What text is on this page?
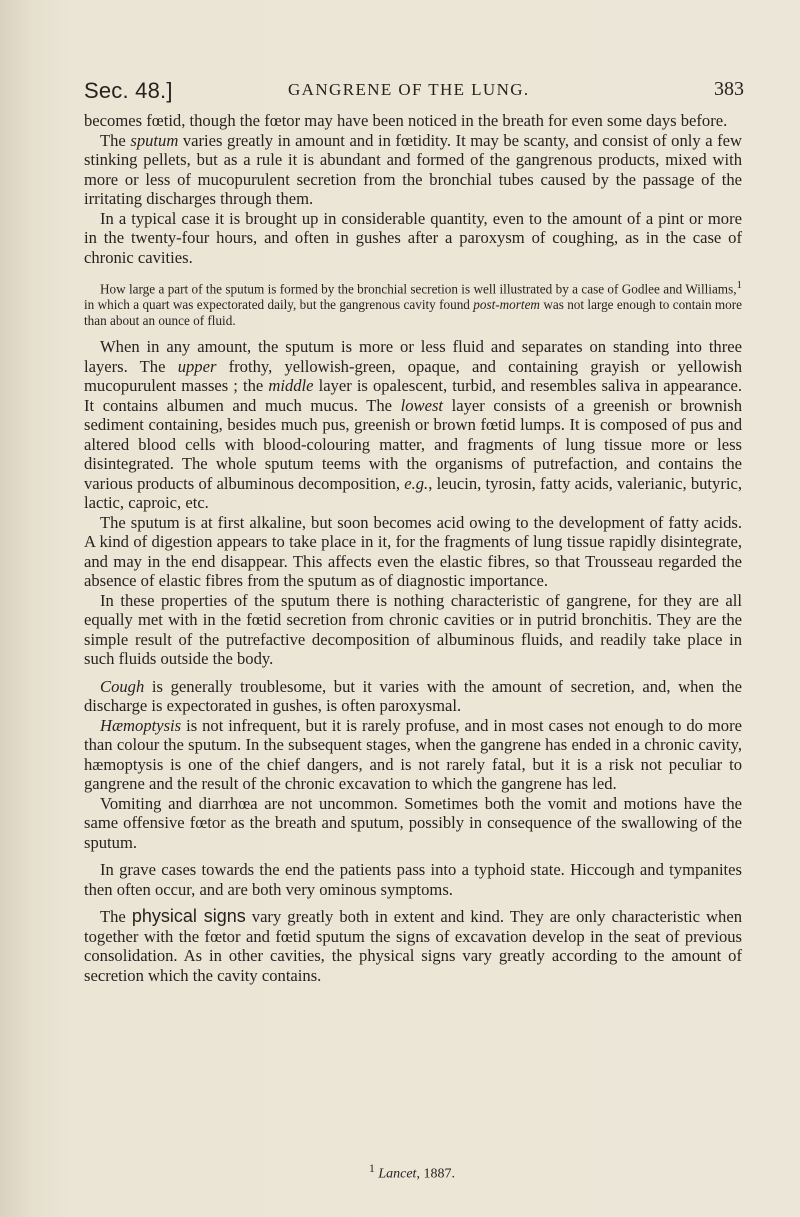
Sec. 48.]	GANGRENE OF THE LUNG.	383

becomes fœtid, though the fœtor may have been noticed in the breath for even some days before.

The sputum varies greatly in amount and in fœtidity. It may be scanty, and consist of only a few stinking pellets, but as a rule it is abundant and formed of the gangrenous products, mixed with more or less of mucopurulent secretion from the bronchial tubes caused by the passage of the irritating discharges through them.

In a typical case it is brought up in considerable quantity, even to the amount of a pint or more in the twenty-four hours, and often in gushes after a paroxysm of coughing, as in the case of chronic cavities.

How large a part of the sputum is formed by the bronchial secretion is well illustrated by a case of Godlee and Williams,$^1$ in which a quart was expectorated daily, but the gangrenous cavity found post-mortem was not large enough to contain more than about an ounce of fluid.

When in any amount, the sputum is more or less fluid and separates on standing into three layers. The upper frothy, yellowish-green, opaque, and containing grayish or yellowish mucopurulent masses ; the middle layer is opalescent, turbid, and resembles saliva in appearance. It contains albumen and much mucus. The lowest layer consists of a greenish or brownish sediment containing, besides much pus, greenish or brown fœtid lumps. It is composed of pus and altered blood cells with blood-colouring matter, and fragments of lung tissue more or less disintegrated. The whole sputum teems with the organisms of putrefaction, and contains the various products of albuminous decomposition, e.g., leucin, tyrosin, fatty acids, valerianic, butyric, lactic, caproic, etc.

The sputum is at first alkaline, but soon becomes acid owing to the development of fatty acids. A kind of digestion appears to take place in it, for the fragments of lung tissue rapidly disintegrate, and may in the end disappear. This affects even the elastic fibres, so that Trousseau regarded the absence of elastic fibres from the sputum as of diagnostic importance.

In these properties of the sputum there is nothing characteristic of gangrene, for they are all equally met with in the fœtid secretion from chronic cavities or in putrid bronchitis. They are the simple result of the putrefactive decomposition of albuminous fluids, and readily take place in such fluids outside the body.

Cough is generally troublesome, but it varies with the amount of secretion, and, when the discharge is expectorated in gushes, is often paroxysmal.

Hæmoptysis is not infrequent, but it is rarely profuse, and in most cases not enough to do more than colour the sputum. In the subsequent stages, when the gangrene has ended in a chronic cavity, hæmoptysis is one of the chief dangers, and is not rarely fatal, but it is a risk not peculiar to gangrene and the result of the chronic excavation to which the gangrene has led.

Vomiting and diarrhœa are not uncommon. Sometimes both the vomit and motions have the same offensive fœtor as the breath and sputum, possibly in consequence of the swallowing of the sputum.

In grave cases towards the end the patients pass into a typhoid state. Hiccough and tympanites then often occur, and are both very ominous symptoms.

The physical signs vary greatly both in extent and kind. They are only characteristic when together with the fœtor and fœtid sputum the signs of excavation develop in the seat of previous consolidation. As in other cavities, the physical signs vary greatly according to the amount of secretion which the cavity contains.

$^1$ Lancet, 1887.
